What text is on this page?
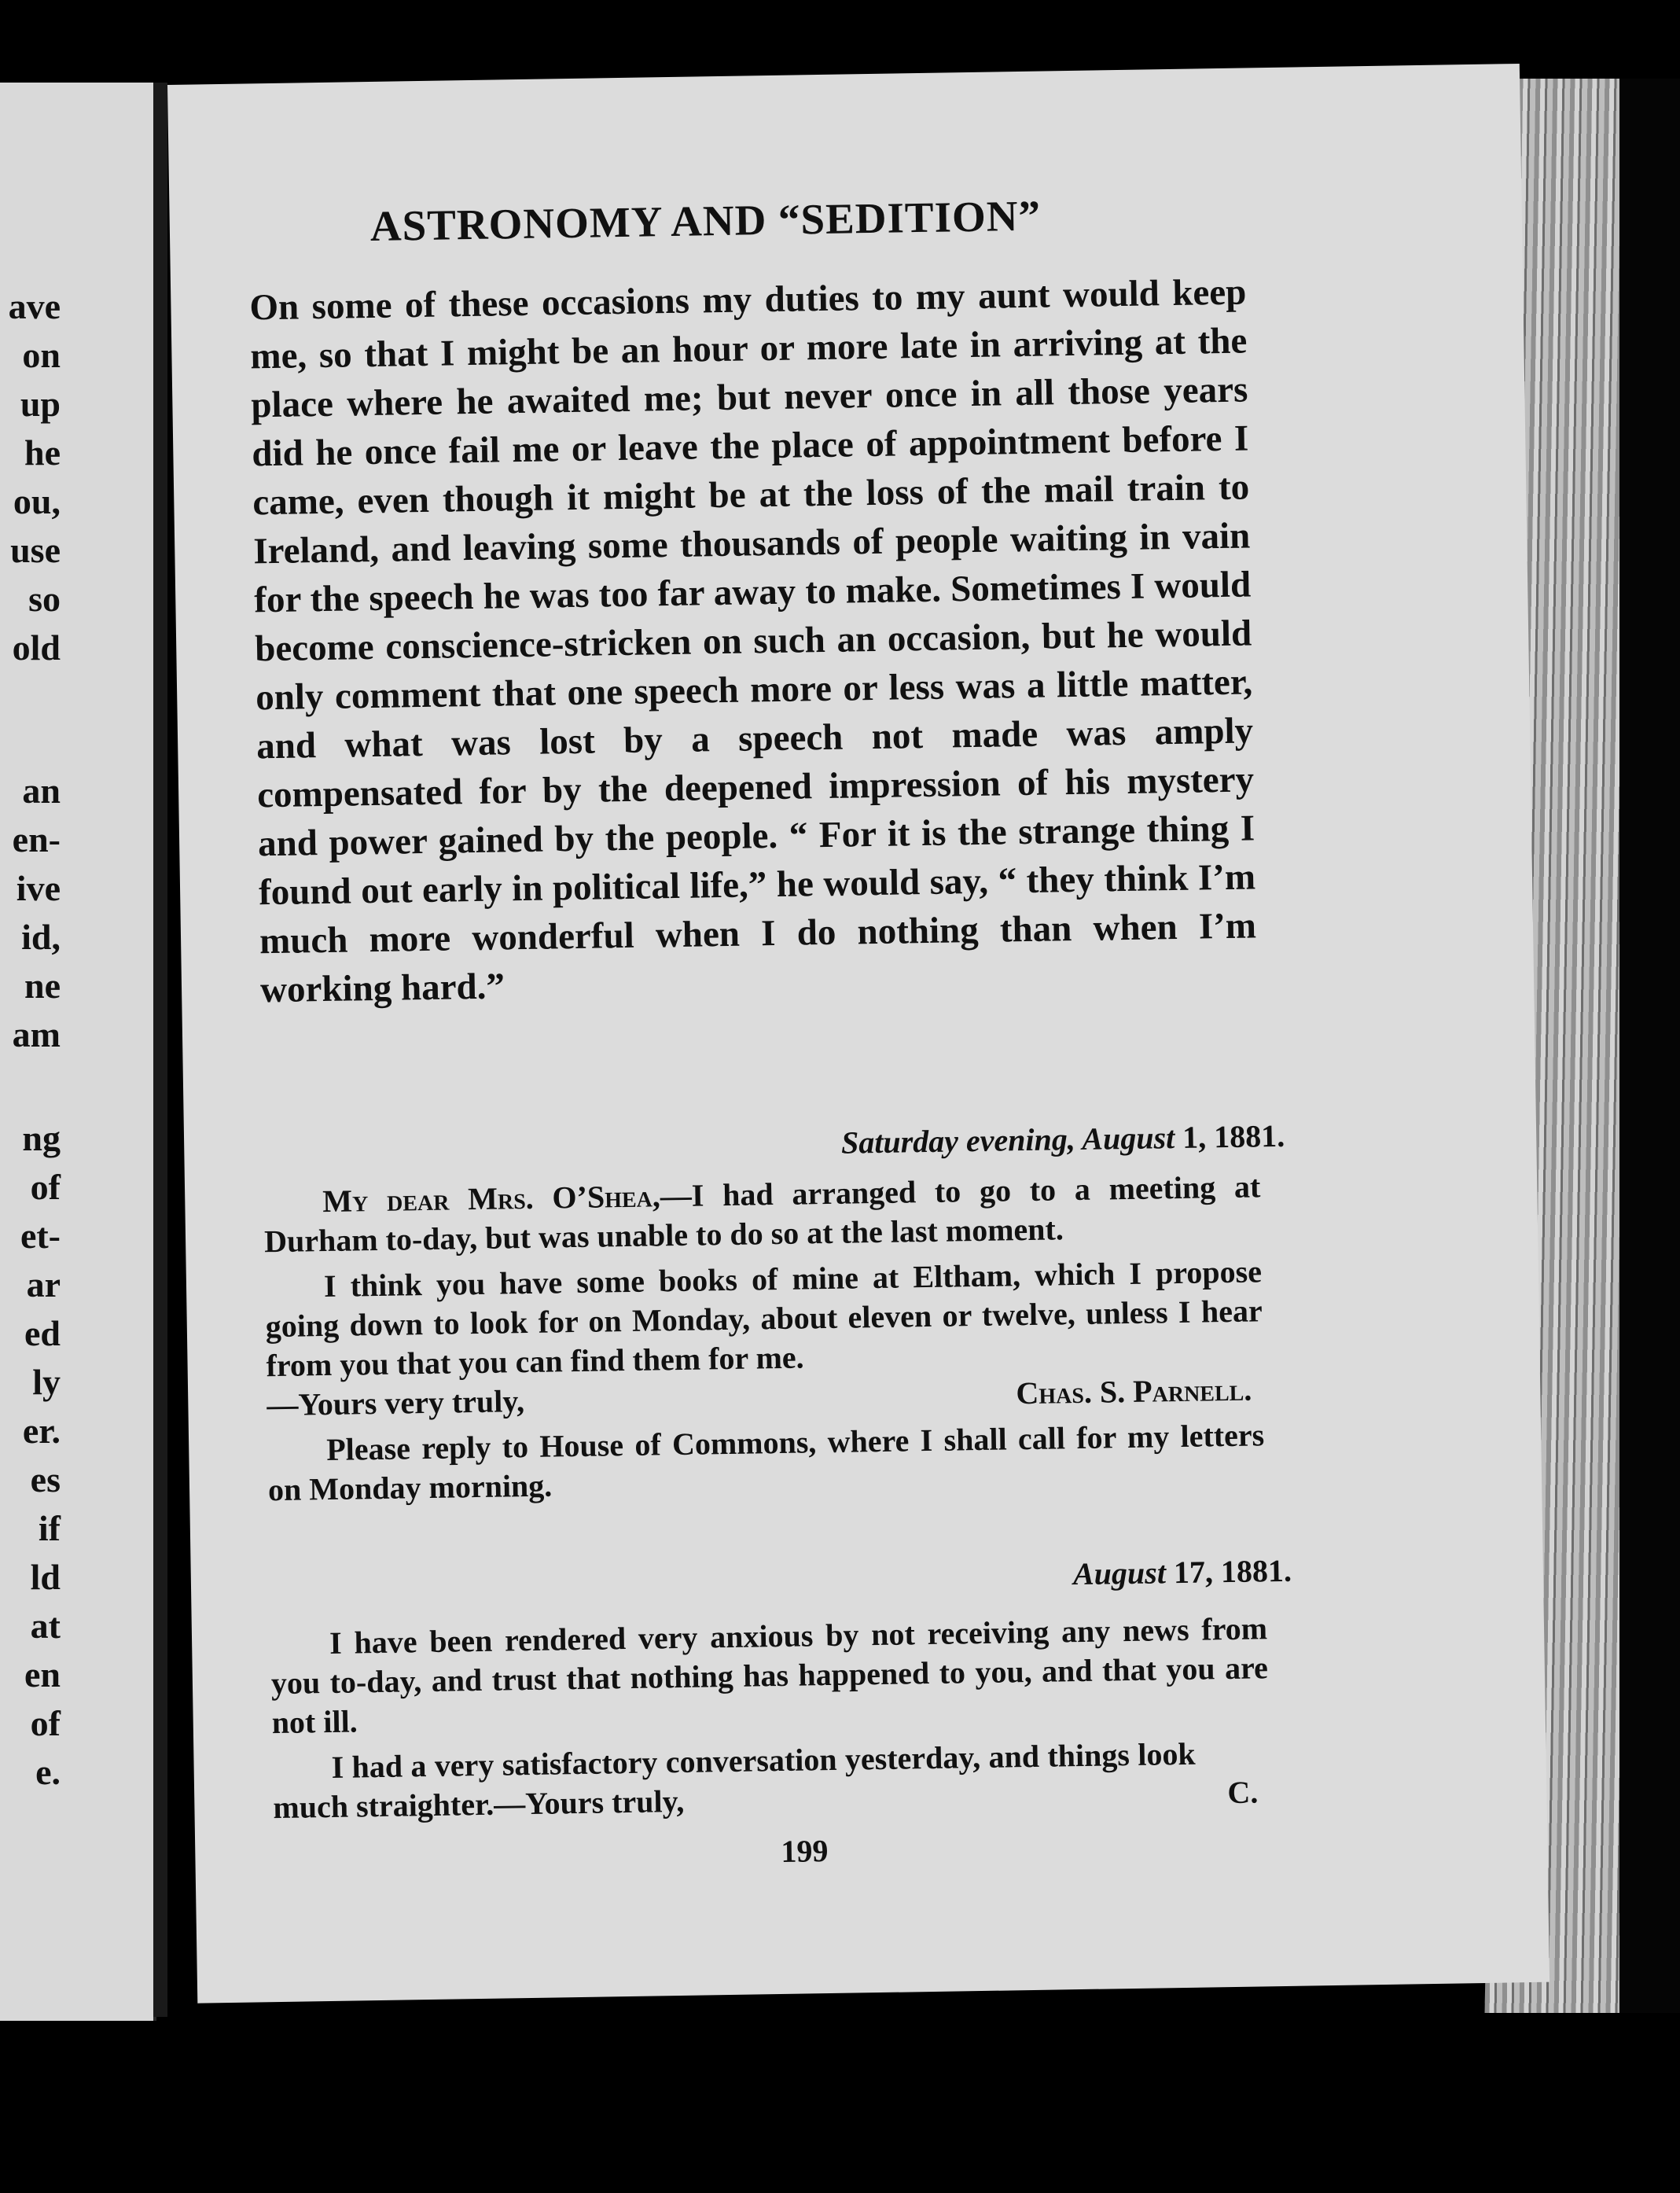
ave

on

up

he

ou,

use

so

old

an

en-

ive

id,

ne

am

ng

of

et-

ar

ed

ly

er.

es

if

ld

at

en

of

e.

ASTRONOMY AND “SEDITION”

On some of these occasions my duties to my aunt would keep me, so that I might be an hour or more late in arriving at the place where he awaited me; but never once in all those years did he once fail me or leave the place of appointment before I came, even though it might be at the loss of the mail train to Ireland, and leaving some thousands of people waiting in vain for the speech he was too far away to make. Sometimes I would become conscience-stricken on such an occasion, but he would only comment that one speech more or less was a little matter, and what was lost by a speech not made was amply compensated for by the deepened impression of his mystery and power gained by the people. “ For it is the strange thing I found out early in political life,” he would say, “ they think I’m much more wonderful when I do nothing than when I’m working hard.”

Saturday evening, August 1, 1881.

My dear Mrs. O’Shea,—I had arranged to go to a meeting at Durham to-day, but was unable to do so at the last moment.

I think you have some books of mine at Eltham, which I propose going down to look for on Monday, about eleven or twelve, unless I hear from you that you can find them for me.

—Yours very truly,	Chas. S. Parnell.

Please reply to House of Commons, where I shall call for my letters on Monday morning.

August 17, 1881.

I have been rendered very anxious by not receiving any news from you to-day, and trust that nothing has happened to you, and that you are not ill.

I had a very satisfactory conversation yesterday, and things look much straighter.—Yours truly,	C.

199
